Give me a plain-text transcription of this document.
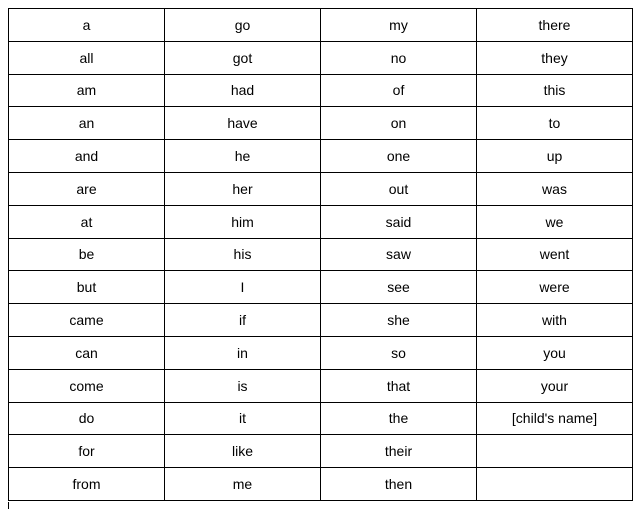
a	go	my	there
all	got	no	they
am	had	of	this
an	have	on	to
and	he	one	up
are	her	out	was
at	him	said	we
be	his	saw	went
but	I	see	were
came	if	she	with
can	in	so	you
come	is	that	your
do	it	the	[child's name]
for	like	their	
from	me	then	
